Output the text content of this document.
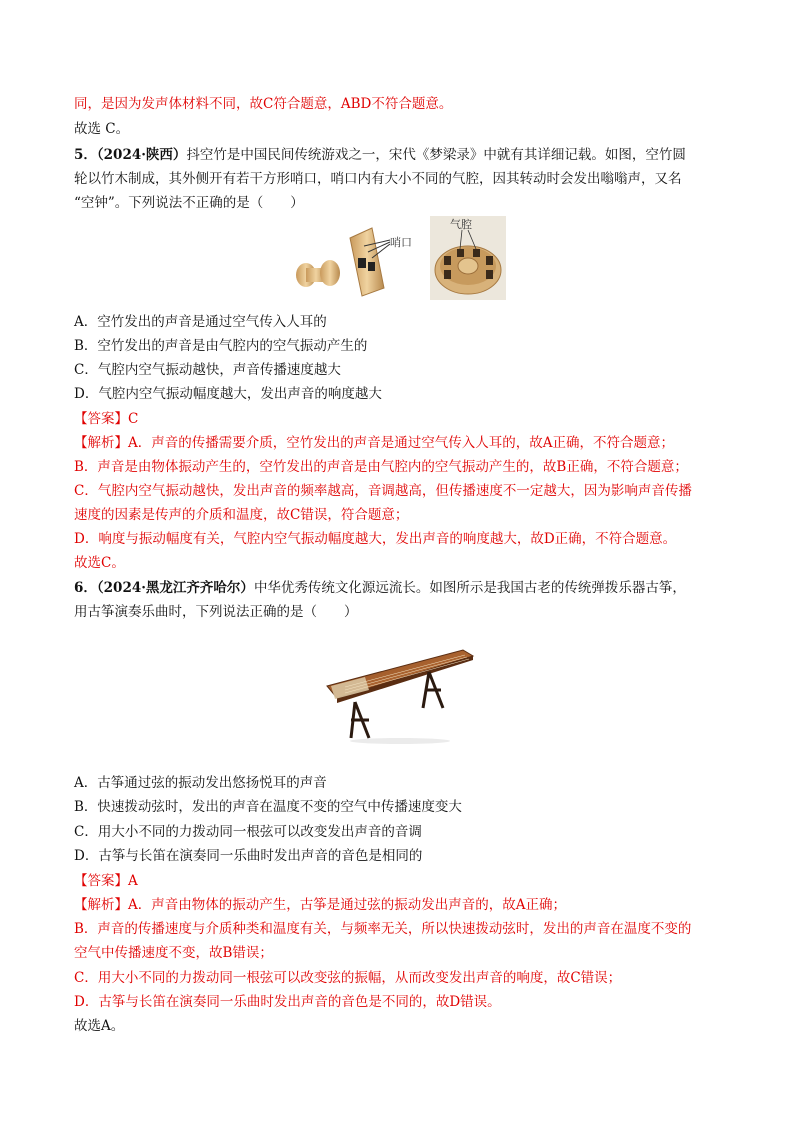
同，是因为发声体材料不同，故C符合题意，ABD不符合题意。
故选 C。
5．（2024·陕西）抖空竹是中国民间传统游戏之一，宋代《梦梁录》中就有其详细记载。如图，空竹圆
轮以竹木制成，其外侧开有若干方形哨口，哨口内有大小不同的气腔，因其转动时会发出嗡嗡声，又名
“空钟”。下列说法不正确的是（　　）
哨口
气腔
A．空竹发出的声音是通过空气传入人耳的
B．空竹发出的声音是由气腔内的空气振动产生的
C．气腔内空气振动越快，声音传播速度越大
D．气腔内空气振动幅度越大，发出声音的响度越大
【答案】C
【解析】A．声音的传播需要介质，空竹发出的声音是通过空气传入人耳的，故A正确，不符合题意；
B．声音是由物体振动产生的，空竹发出的声音是由气腔内的空气振动产生的，故B正确，不符合题意；
C．气腔内空气振动越快，发出声音的频率越高，音调越高，但传播速度不一定越大，因为影响声音传播
速度的因素是传声的介质和温度，故C错误，符合题意；
D．响度与振动幅度有关，气腔内空气振动幅度越大，发出声音的响度越大，故D正确，不符合题意。
故选C。
6．（2024·黑龙江齐齐哈尔）中华优秀传统文化源远流长。如图所示是我国古老的传统弹拨乐器古筝，
用古筝演奏乐曲时，下列说法正确的是（　　）
A．古筝通过弦的振动发出悠扬悦耳的声音
B．快速拨动弦时，发出的声音在温度不变的空气中传播速度变大
C．用大小不同的力拨动同一根弦可以改变发出声音的音调
D．古筝与长笛在演奏同一乐曲时发出声音的音色是相同的
【答案】A
【解析】A．声音由物体的振动产生，古筝是通过弦的振动发出声音的，故A正确；
B．声音的传播速度与介质种类和温度有关，与频率无关，所以快速拨动弦时，发出的声音在温度不变的
空气中传播速度不变，故B错误；
C．用大小不同的力拨动同一根弦可以改变弦的振幅，从而改变发出声音的响度，故C错误；
D．古筝与长笛在演奏同一乐曲时发出声音的音色是不同的，故D错误。
故选A。
